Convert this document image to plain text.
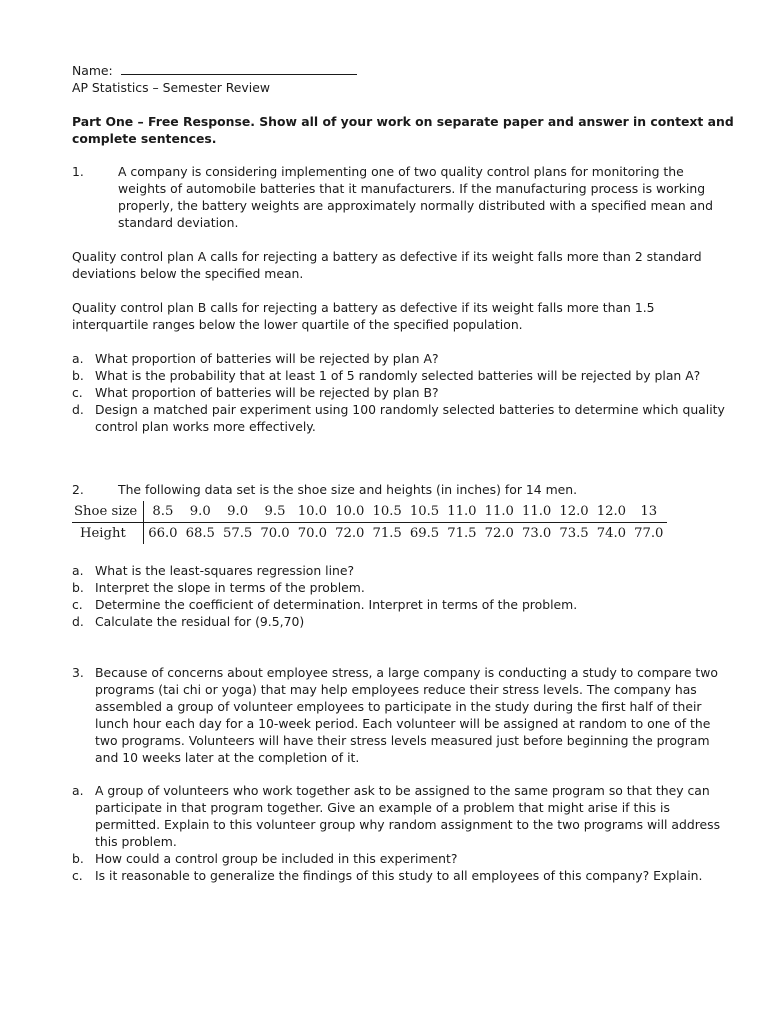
Name:
AP Statistics – Semester Review
Part One – Free Response. Show all of your work on separate paper and answer in context and
complete sentences.
1.	A company is considering implementing one of two quality control plans for monitoring the
weights of automobile batteries that it manufacturers. If the manufacturing process is working
properly, the battery weights are approximately normally distributed with a specified mean and
standard deviation.
Quality control plan A calls for rejecting a battery as defective if its weight falls more than 2 standard
deviations below the specified mean.
Quality control plan B calls for rejecting a battery as defective if its weight falls more than 1.5
interquartile ranges below the lower quartile of the specified population.
a. What proportion of batteries will be rejected by plan A?
b. What is the probability that at least 1 of 5 randomly selected batteries will be rejected by plan A?
c. What proportion of batteries will be rejected by plan B?
d. Design a matched pair experiment using 100 randomly selected batteries to determine which quality
control plan works more effectively.
2.	The following data set is the shoe size and heights (in inches) for 14 men.
Shoe size	8.5	9.0	9.0	9.5	10.0	10.0	10.5	10.5	11.0	11.0	11.0	12.0	12.0	13
Height	66.0	68.5	57.5	70.0	70.0	72.0	71.5	69.5	71.5	72.0	73.0	73.5	74.0	77.0
a. What is the least-squares regression line?
b. Interpret the slope in terms of the problem.
c. Determine the coefficient of determination. Interpret in terms of the problem.
d. Calculate the residual for (9.5,70)
3. Because of concerns about employee stress, a large company is conducting a study to compare two
programs (tai chi or yoga) that may help employees reduce their stress levels. The company has
assembled a group of volunteer employees to participate in the study during the first half of their
lunch hour each day for a 10-week period. Each volunteer will be assigned at random to one of the
two programs. Volunteers will have their stress levels measured just before beginning the program
and 10 weeks later at the completion of it.
a. A group of volunteers who work together ask to be assigned to the same program so that they can
participate in that program together. Give an example of a problem that might arise if this is
permitted. Explain to this volunteer group why random assignment to the two programs will address
this problem.
b. How could a control group be included in this experiment?
c. Is it reasonable to generalize the findings of this study to all employees of this company? Explain.
